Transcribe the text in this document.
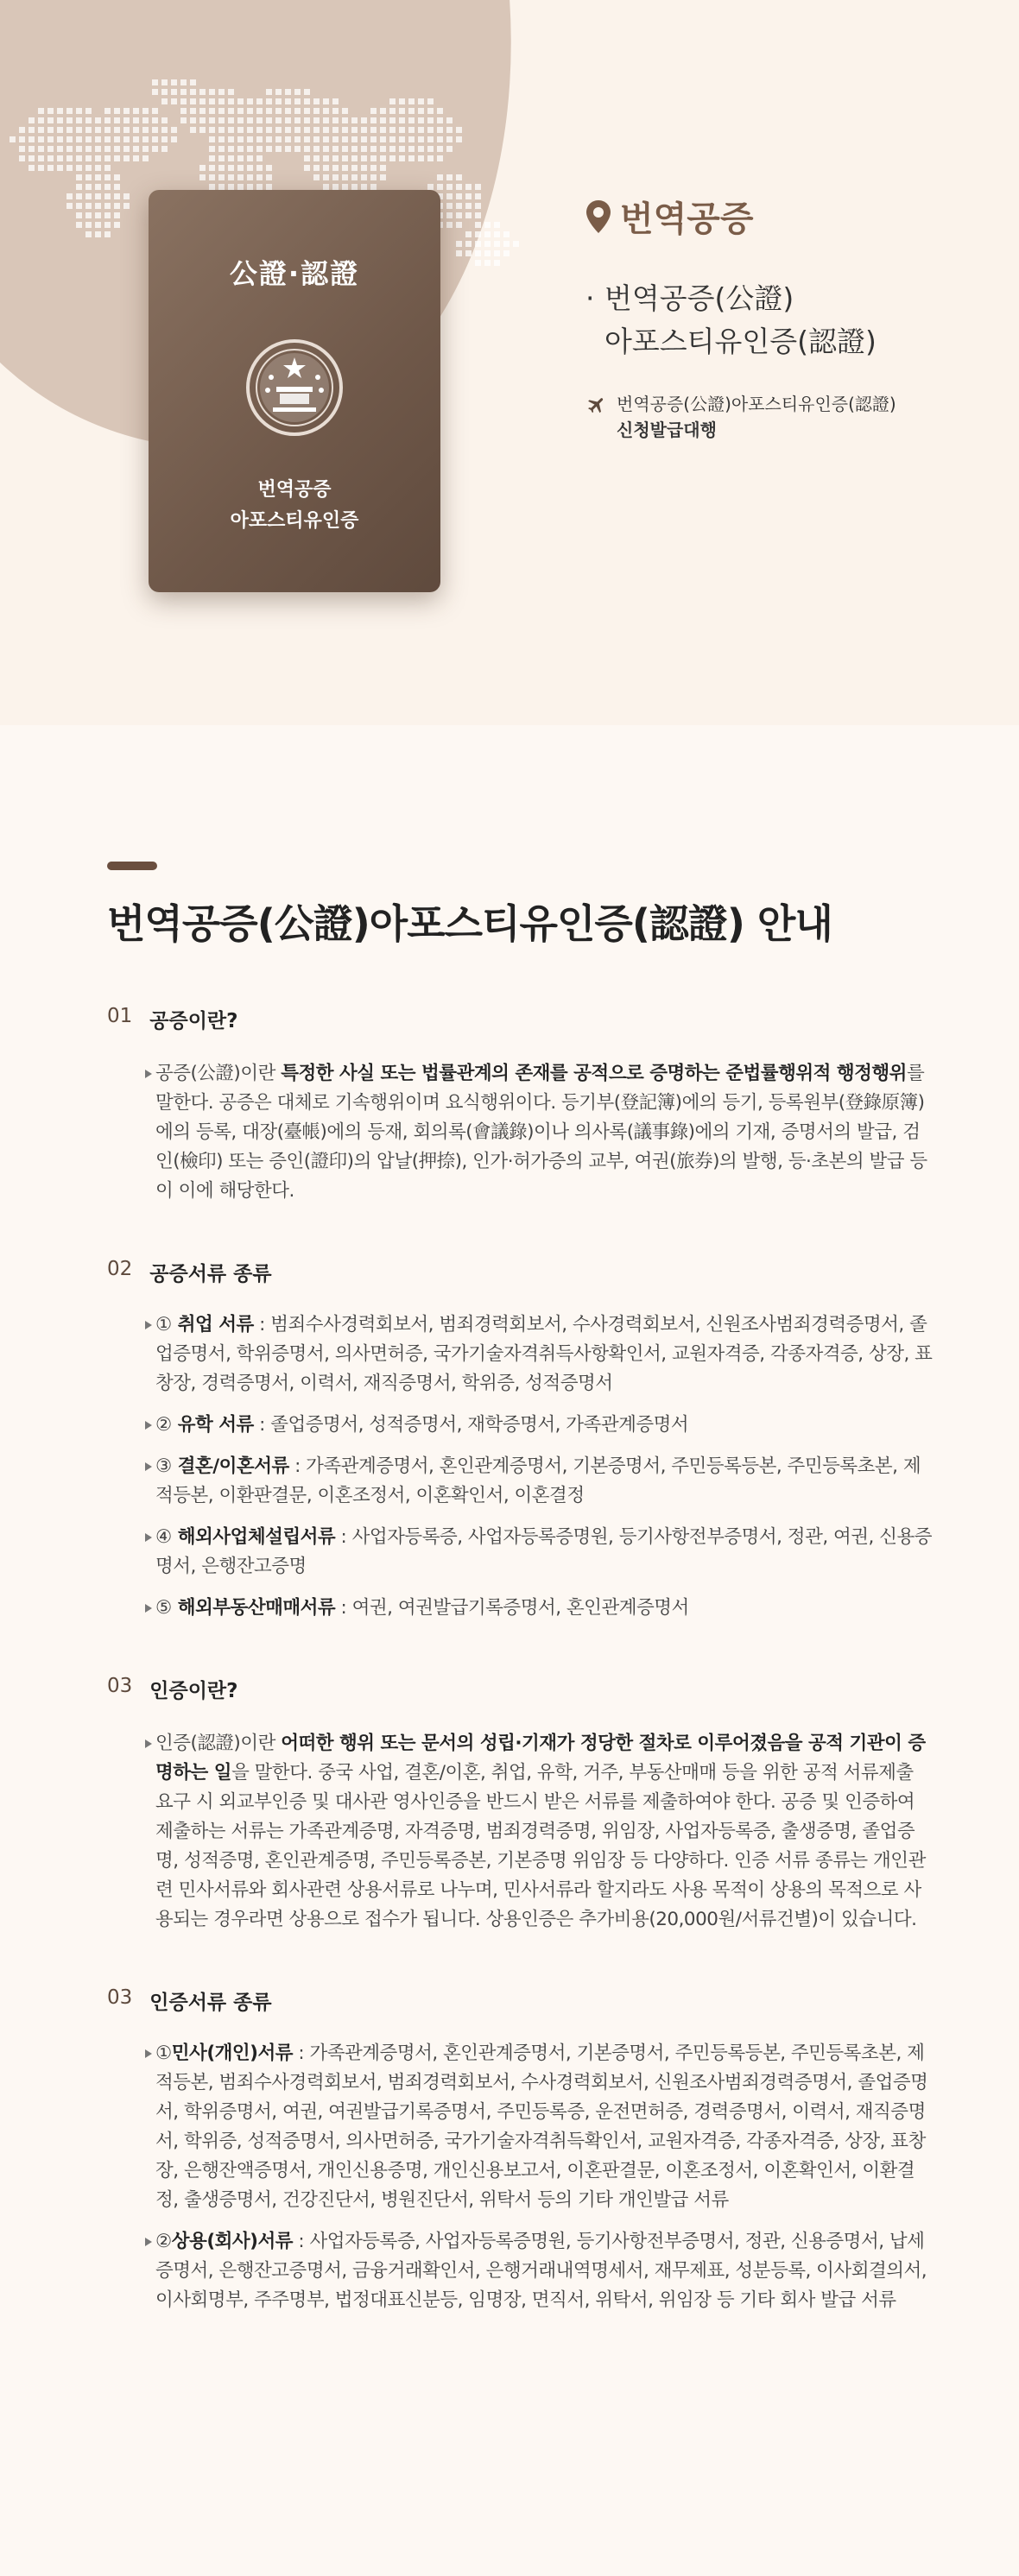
公證·認證
번역공증
아포스티유인증
번역공증
· 번역공증(公證)
아포스티유인증(認證)
번역공증(公證)아포스티유인증(認證)
신청발급대행
번역공증(公證)아포스티유인증(認證) 안내
01 공증이란?
공증(公證)이란 특정한 사실 또는 법률관계의 존재를 공적으로 증명하는 준법률행위적 행정행위를 말한다. 공증은 대체로 기속행위이며 요식행위이다. 등기부(登記簿)에의 등기, 등록원부(登錄原簿)에의 등록, 대장(臺帳)에의 등재, 회의록(會議錄)이나 의사록(議事錄)에의 기재, 증명서의 발급, 검인(檢印) 또는 증인(證印)의 압날(押捺), 인가·허가증의 교부, 여권(旅券)의 발행, 등·초본의 발급 등이 이에 해당한다.
02 공증서류 종류
① 취업 서류 : 범죄수사경력회보서, 범죄경력회보서, 수사경력회보서, 신원조사범죄경력증명서, 졸업증명서, 학위증명서, 의사면허증, 국가기술자격취득사항확인서, 교원자격증, 각종자격증, 상장, 표창장, 경력증명서, 이력서, 재직증명서, 학위증, 성적증명서
② 유학 서류 : 졸업증명서, 성적증명서, 재학증명서, 가족관계증명서
③ 결혼/이혼서류 : 가족관계증명서, 혼인관계증명서, 기본증명서, 주민등록등본, 주민등록초본, 제적등본, 이환판결문, 이혼조정서, 이혼확인서, 이혼결정
④ 해외사업체설립서류 : 사업자등록증, 사업자등록증명원, 등기사항전부증명서, 정관, 여권, 신용증명서, 은행잔고증명
⑤ 해외부동산매매서류 : 여권, 여권발급기록증명서, 혼인관계증명서
03 인증이란?
인증(認證)이란 어떠한 행위 또는 문서의 성립·기재가 정당한 절차로 이루어졌음을 공적 기관이 증명하는 일을 말한다. 중국 사업, 결혼/이혼, 취업, 유학, 거주, 부동산매매 등을 위한 공적 서류제출 요구 시 외교부인증 및 대사관 영사인증을 반드시 받은 서류를 제출하여야 한다. 공증 및 인증하여 제출하는 서류는 가족관계증명, 자격증명, 범죄경력증명, 위임장, 사업자등록증, 출생증명, 졸업증명, 성적증명, 혼인관계증명, 주민등록증본, 기본증명 위임장 등 다양하다. 인증 서류 종류는 개인관련 민사서류와 회사관련 상용서류로 나누며, 민사서류라 할지라도 사용 목적이 상용의 목적으로 사용되는 경우라면 상용으로 접수가 됩니다. 상용인증은 추가비용(20,000원/서류건별)이 있습니다.
03 인증서류 종류
①민사(개인)서류 : 가족관계증명서, 혼인관계증명서, 기본증명서, 주민등록등본, 주민등록초본, 제적등본, 범죄수사경력회보서, 범죄경력회보서, 수사경력회보서, 신원조사범죄경력증명서, 졸업증명서, 학위증명서, 여권, 여권발급기록증명서, 주민등록증, 운전면허증, 경력증명서, 이력서, 재직증명서, 학위증, 성적증명서, 의사면허증, 국가기술자격취득확인서, 교원자격증, 각종자격증, 상장, 표창장, 은행잔액증명서, 개인신용증명, 개인신용보고서, 이혼판결문, 이혼조정서, 이혼확인서, 이환결정, 출생증명서, 건강진단서, 병원진단서, 위탁서 등의 기타 개인발급 서류
②상용(회사)서류 : 사업자등록증, 사업자등록증명원, 등기사항전부증명서, 정관, 신용증명서, 납세증명서, 은행잔고증명서, 금융거래확인서, 은행거래내역명세서, 재무제표, 성분등록, 이사회결의서, 이사회명부, 주주명부, 법정대표신분등, 임명장, 면직서, 위탁서, 위임장 등 기타 회사 발급 서류
